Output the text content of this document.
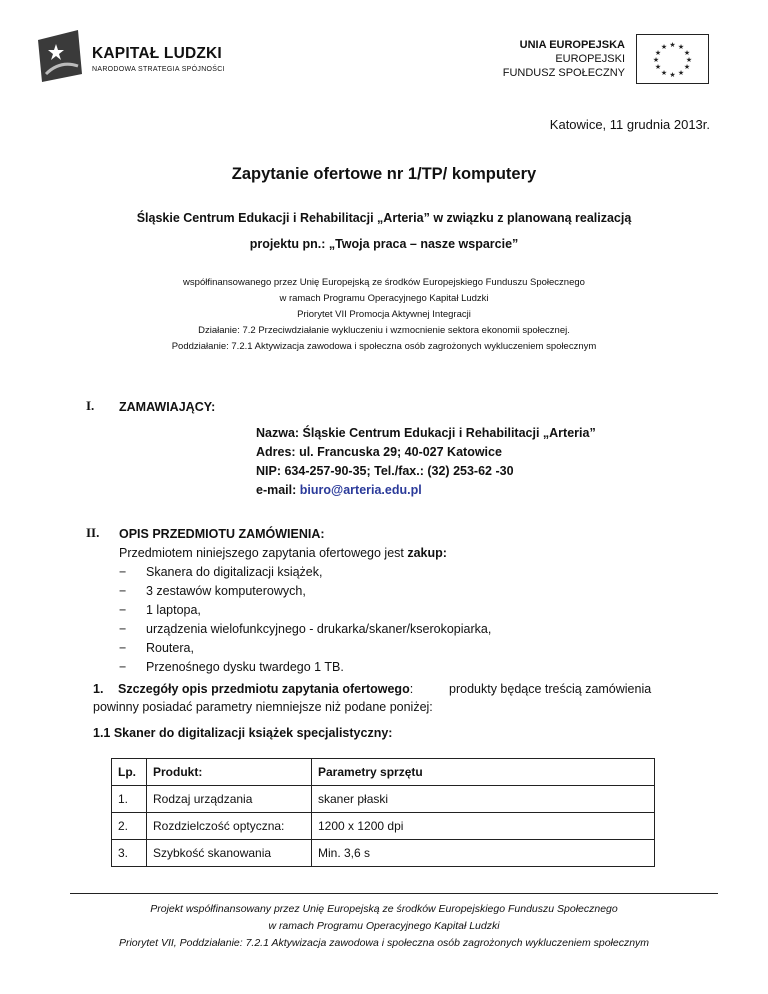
KAPITAŁ LUDZKI
NARODOWA STRATEGIA SPÓJNOŚCI
UNIA EUROPEJSKA
EUROPEJSKI
FUNDUSZ SPOŁECZNY
★ ★
★
★
★
★
★
★
★
★
★
★
Katowice, 11 grudnia 2013r.
Zapytanie ofertowe nr 1/TP/ komputery
Śląskie Centrum Edukacji i Rehabilitacji „Arteria” w związku z planowaną realizacją
projektu pn.: „Twoja praca – nasze wsparcie”
współfinansowanego przez Unię Europejską ze środków Europejskiego Funduszu Społecznego
w ramach Programu Operacyjnego Kapitał Ludzki
Priorytet VII Promocja Aktywnej Integracji
Działanie: 7.2 Przeciwdziałanie wykluczeniu i wzmocnienie sektora ekonomii społecznej.
Poddziałanie: 7.2.1 Aktywizacja zawodowa i społeczna osób zagrożonych wykluczeniem społecznym
I. ZAMAWIAJĄCY:
Nazwa: Śląskie Centrum Edukacji i Rehabilitacji „Arteria”
Adres: ul. Francuska 29; 40-027 Katowice
NIP: 634-257-90-35; Tel./fax.: (32) 253-62 -30
e-mail: biuro@arteria.edu.pl
II. OPIS PRZEDMIOTU ZAMÓWIENIA:
Przedmiotem niniejszego zapytania ofertowego jest zakup:
− Skanera do digitalizacji książek,
− 3 zestawów komputerowych,
− 1 laptopa,
− urządzenia wielofunkcyjnego - drukarka/skaner/kserokopiarka,
− Routera,
− Przenośnego dysku twardego 1 TB.
1. Szczegóły opis przedmiotu zapytania ofertowego:	produkty będące treścią zamówienia
powinny posiadać parametry niemniejsze niż podane poniżej:
1.1 Skaner do digitalizacji książek specjalistyczny:
Lp.	Produkt:	Parametry sprzętu
1.	Rodzaj urządzania	skaner płaski
2.	Rozdzielczość optyczna:	1200 x 1200 dpi
3.	Szybkość skanowania	Min. 3,6 s
Projekt współfinansowany przez Unię Europejską ze środków Europejskiego Funduszu Społecznego
w ramach Programu Operacyjnego Kapitał Ludzki
Priorytet VII, Poddziałanie: 7.2.1 Aktywizacja zawodowa i społeczna osób zagrożonych wykluczeniem społecznym
